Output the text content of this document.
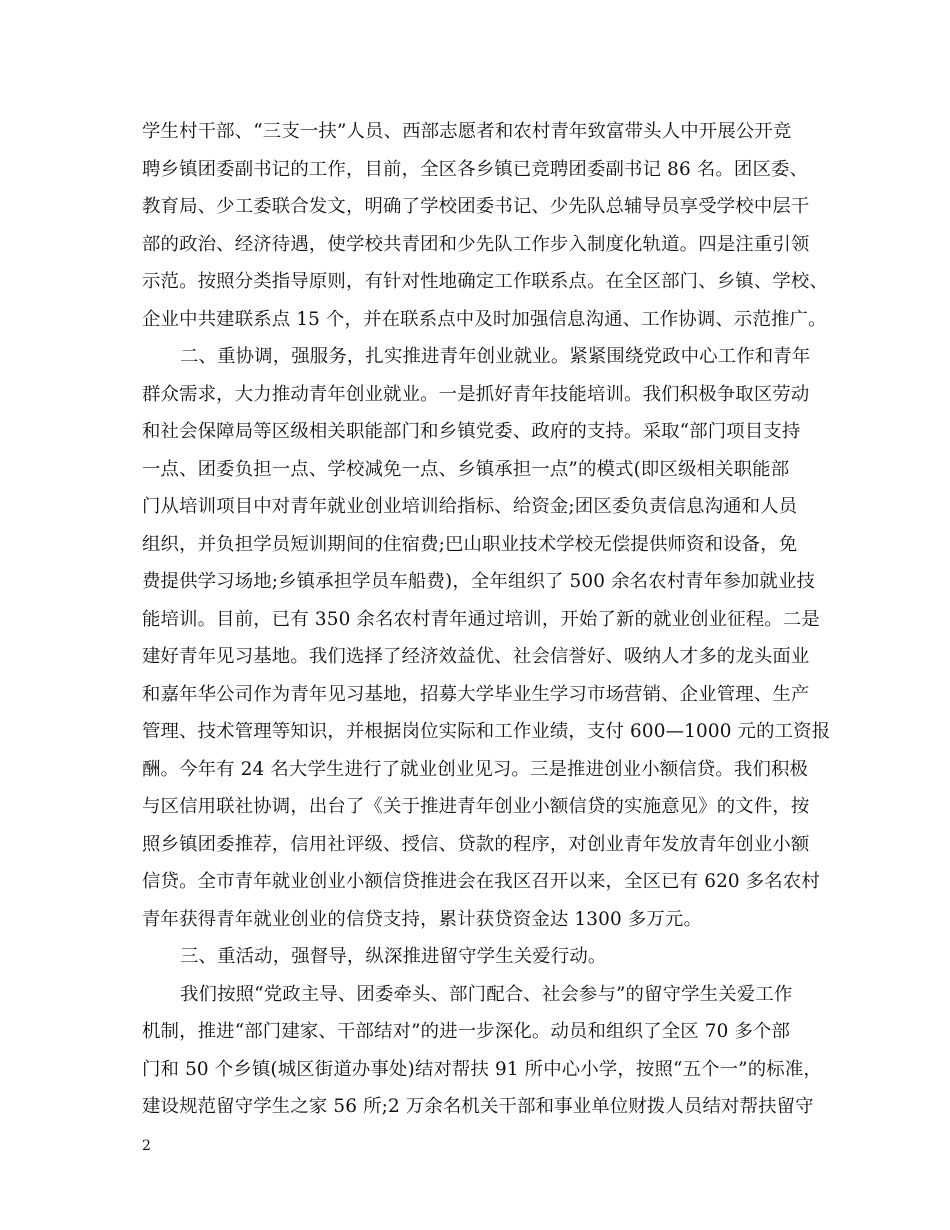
学生村干部、“三支一扶”人员、西部志愿者和农村青年致富带头人中开展公开竞
聘乡镇团委副书记的工作，目前，全区各乡镇已竞聘团委副书记 86 名。团区委、
教育局、少工委联合发文，明确了学校团委书记、少先队总辅导员享受学校中层干
部的政治、经济待遇，使学校共青团和少先队工作步入制度化轨道。四是注重引领
示范。按照分类指导原则，有针对性地确定工作联系点。在全区部门、乡镇、学校、
企业中共建联系点 15 个，并在联系点中及时加强信息沟通、工作协调、示范推广。
二、重协调，强服务，扎实推进青年创业就业。紧紧围绕党政中心工作和青年
群众需求，大力推动青年创业就业。一是抓好青年技能培训。我们积极争取区劳动
和社会保障局等区级相关职能部门和乡镇党委、政府的支持。采取“部门项目支持
一点、团委负担一点、学校减免一点、乡镇承担一点”的模式(即区级相关职能部
门从培训项目中对青年就业创业培训给指标、给资金;团区委负责信息沟通和人员
组织，并负担学员短训期间的住宿费;巴山职业技术学校无偿提供师资和设备，免
费提供学习场地;乡镇承担学员车船费)，全年组织了 500 余名农村青年参加就业技
能培训。目前，已有 350 余名农村青年通过培训，开始了新的就业创业征程。二是
建好青年见习基地。我们选择了经济效益优、社会信誉好、吸纳人才多的龙头面业
和嘉年华公司作为青年见习基地，招募大学毕业生学习市场营销、企业管理、生产
管理、技术管理等知识，并根据岗位实际和工作业绩，支付 600—1000 元的工资报
酬。今年有 24 名大学生进行了就业创业见习。三是推进创业小额信贷。我们积极
与区信用联社协调，出台了《关于推进青年创业小额信贷的实施意见》的文件，按
照乡镇团委推荐，信用社评级、授信、贷款的程序，对创业青年发放青年创业小额
信贷。全市青年就业创业小额信贷推进会在我区召开以来，全区已有 620 多名农村
青年获得青年就业创业的信贷支持，累计获贷资金达 1300 多万元。
三、重活动，强督导，纵深推进留守学生关爱行动。
我们按照“党政主导、团委牵头、部门配合、社会参与”的留守学生关爱工作
机制，推进“部门建家、干部结对”的进一步深化。动员和组织了全区 70 多个部
门和 50 个乡镇(城区街道办事处)结对帮扶 91 所中心小学，按照“五个一”的标准，
建设规范留守学生之家 56 所;2 万余名机关干部和事业单位财拨人员结对帮扶留守
2
